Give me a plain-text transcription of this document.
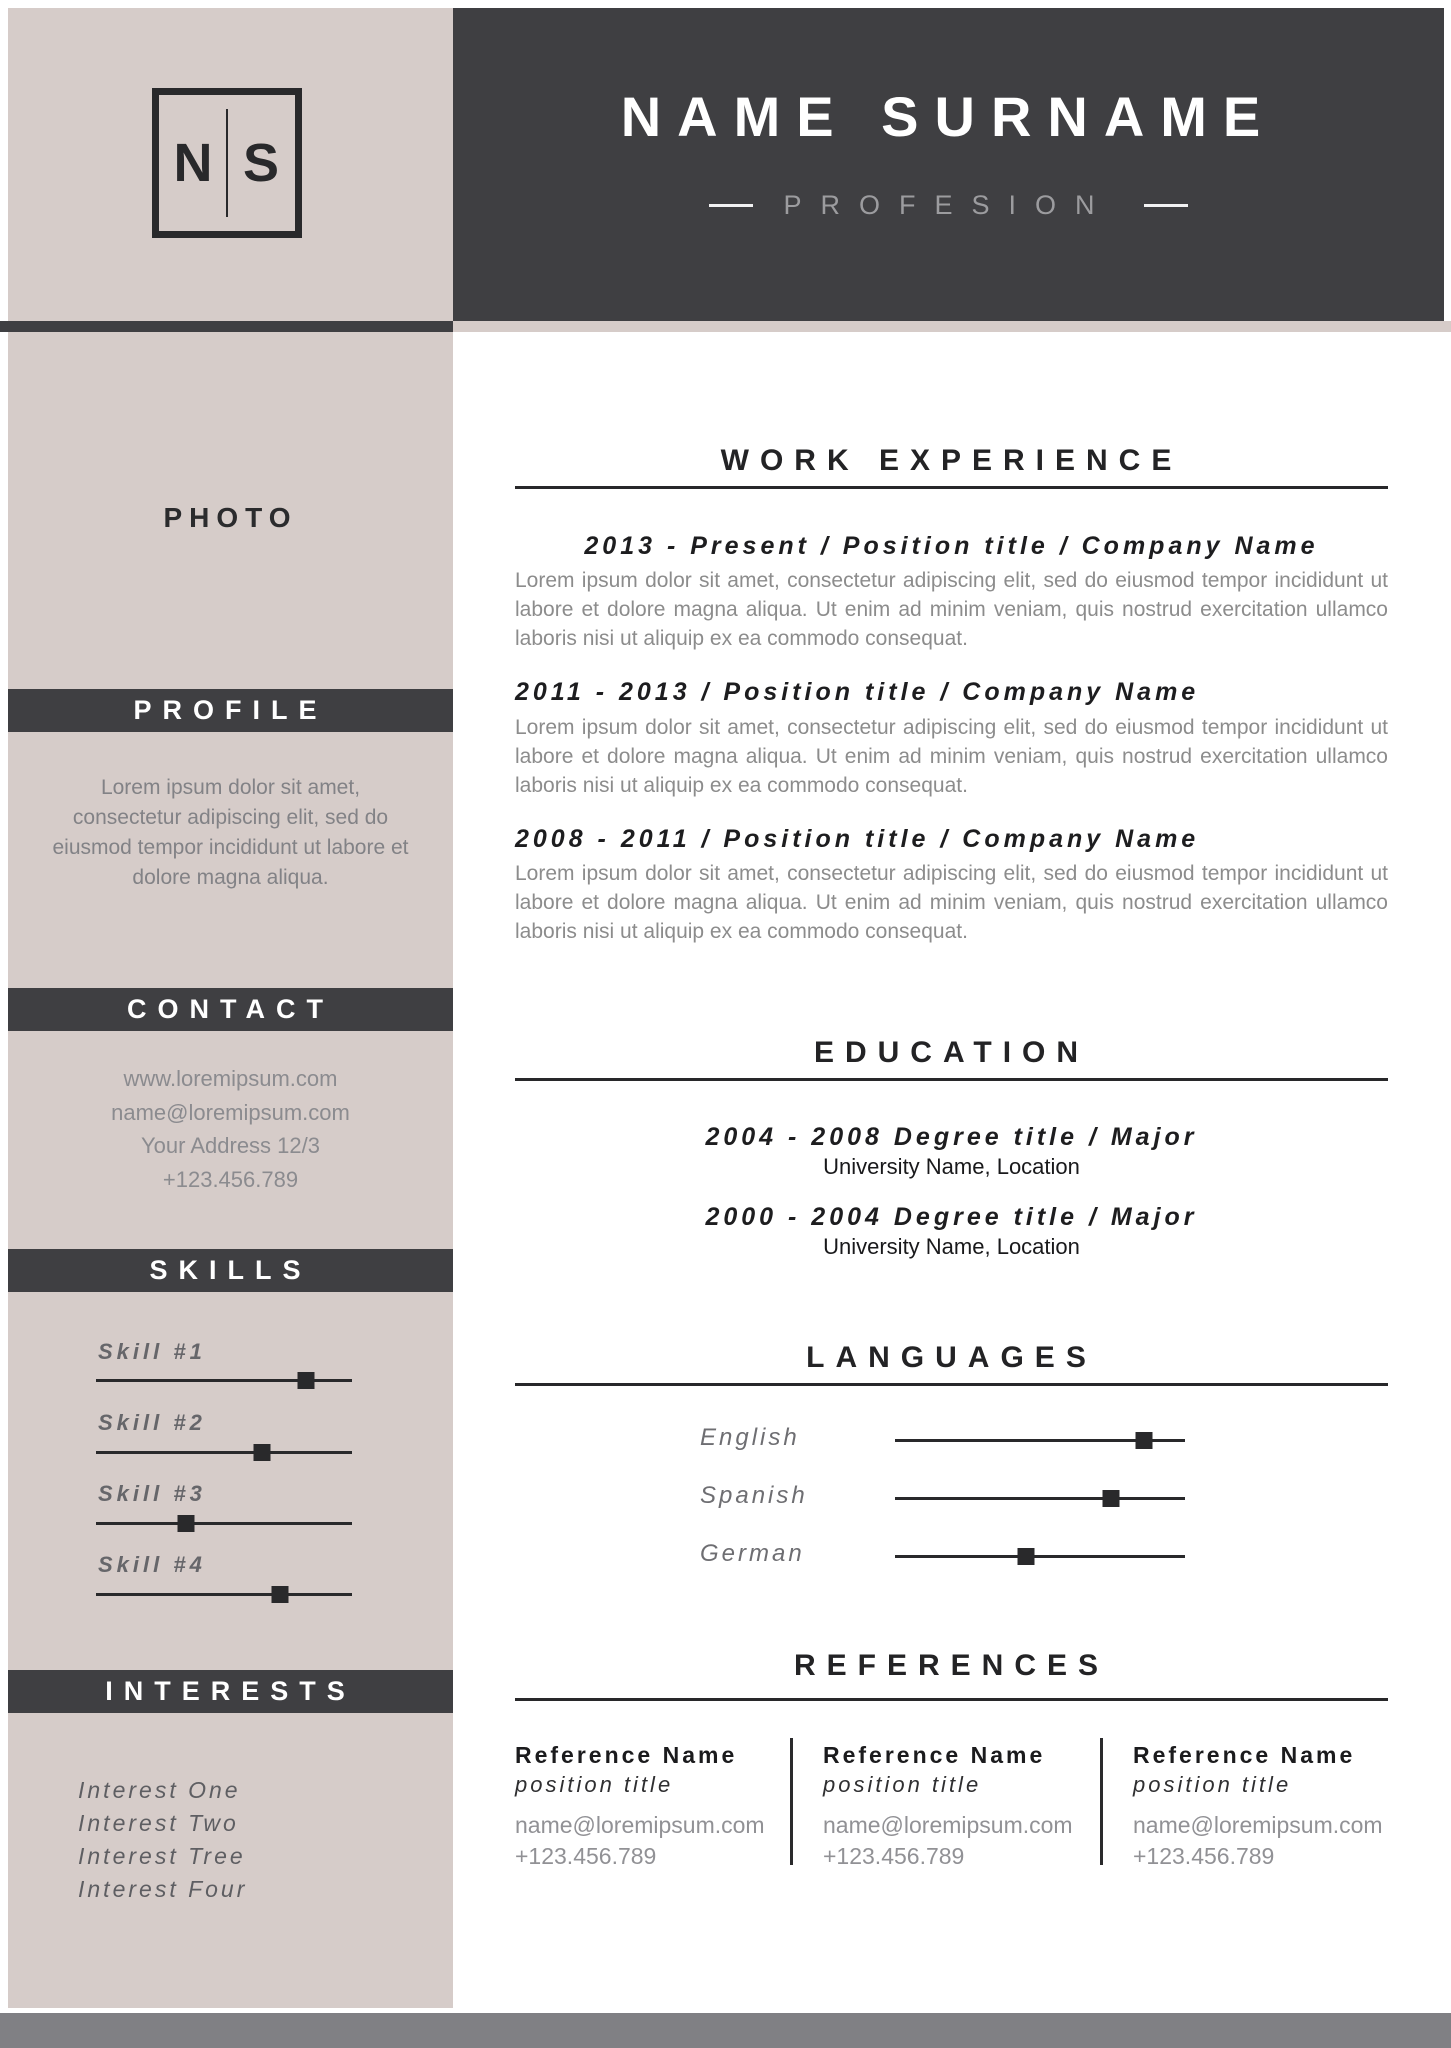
N S
NAME SURNAME
PROFESION
PHOTO
PROFILE
Lorem ipsum dolor sit amet, consectetur adipiscing elit, sed do eiusmod tempor incididunt ut labore et dolore magna aliqua.
CONTACT
www.loremipsum.com
name@loremipsum.com
Your Address 12/3
+123.456.789
SKILLS
Skill #1
Skill #2
Skill #3
Skill #4
INTERESTS
Interest One
Interest Two
Interest Tree
Interest Four
WORK EXPERIENCE
2013 - Present / Position title / Company Name
Lorem ipsum dolor sit amet, consectetur adipiscing elit, sed do eiusmod tempor incididunt ut labore et dolore magna aliqua. Ut enim ad minim veniam, quis nostrud exercitation ullamco laboris nisi ut aliquip ex ea commodo consequat.
2011 - 2013 / Position title / Company Name
Lorem ipsum dolor sit amet, consectetur adipiscing elit, sed do eiusmod tempor incididunt ut labore et dolore magna aliqua. Ut enim ad minim veniam, quis nostrud exercitation ullamco laboris nisi ut aliquip ex ea commodo consequat.
2008 - 2011 / Position title / Company Name
Lorem ipsum dolor sit amet, consectetur adipiscing elit, sed do eiusmod tempor incididunt ut labore et dolore magna aliqua. Ut enim ad minim veniam, quis nostrud exercitation ullamco laboris nisi ut aliquip ex ea commodo consequat.
EDUCATION
2004 - 2008 Degree title / Major
University Name, Location
2000 - 2004 Degree title / Major
University Name, Location
LANGUAGES
English
Spanish
German
REFERENCES
Reference Name
position title
name@loremipsum.com
+123.456.789
Reference Name
position title
name@loremipsum.com
+123.456.789
Reference Name
position title
name@loremipsum.com
+123.456.789
